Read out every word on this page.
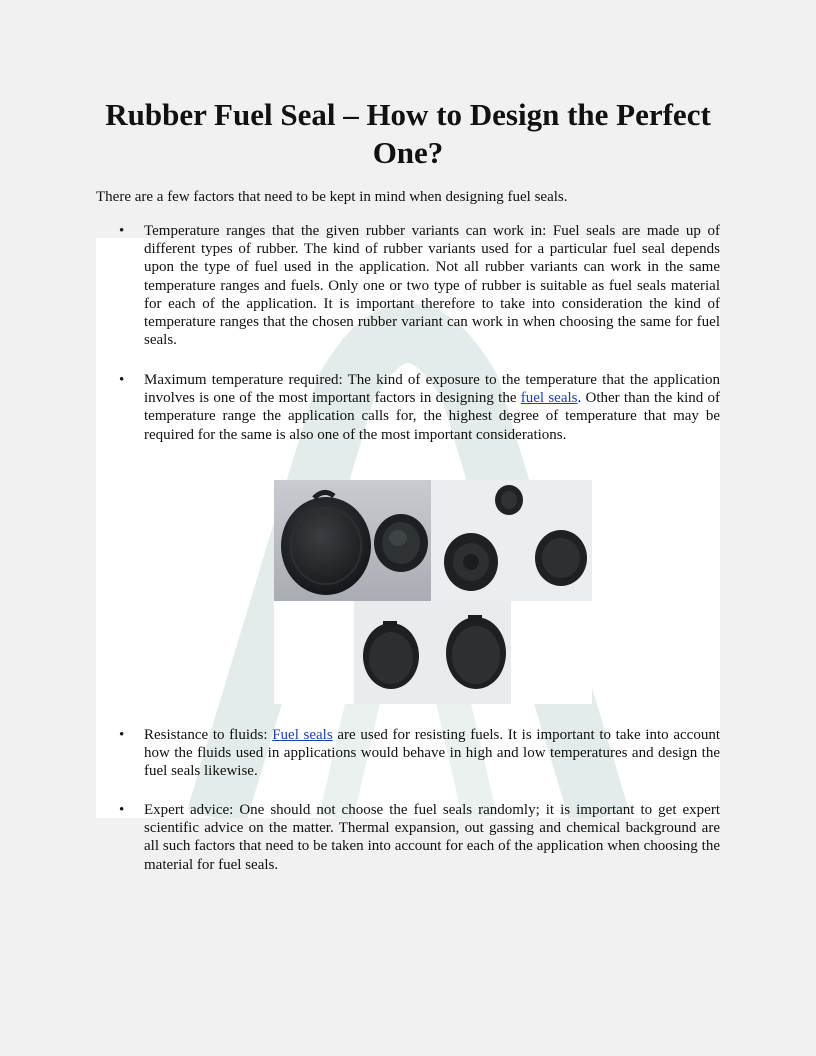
Rubber Fuel Seal – How to Design the Perfect One?

There are a few factors that need to be kept in mind when designing fuel seals.

• Temperature ranges that the given rubber variants can work in: Fuel seals are made up of different types of rubber. The kind of rubber variants used for a particular fuel seal depends upon the type of fuel used in the application. Not all rubber variants can work in the same temperature ranges and fuels. Only one or two type of rubber is suitable as fuel seals material for each of the application. It is important therefore to take into consideration the kind of temperature ranges that the chosen rubber variant can work in when choosing the same for fuel seals.
• Maximum temperature required: The kind of exposure to the temperature that the application involves is one of the most important factors in designing the fuel seals. Other than the kind of temperature range the application calls for, the highest degree of temperature that may be required for the same is also one of the most important considerations.
• Resistance to fluids: Fuel seals are used for resisting fuels. It is important to take into account how the fluids used in applications would behave in high and low temperatures and design the fuel seals likewise.
• Expert advice: One should not choose the fuel seals randomly; it is important to get expert scientific advice on the matter. Thermal expansion, out gassing and chemical background are all such factors that need to be taken into account for each of the application when choosing the material for fuel seals.
